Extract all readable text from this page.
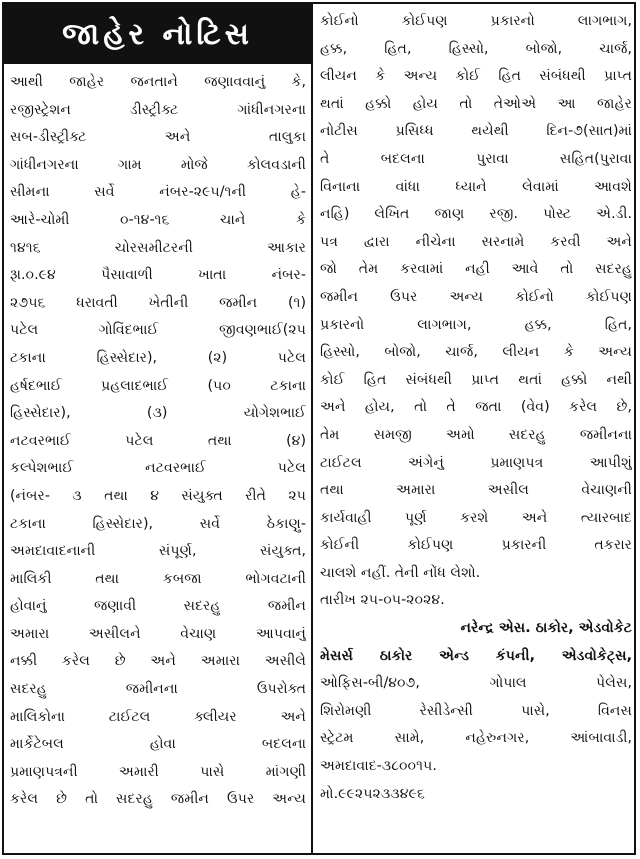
જાહેર નોટિસ
આથી જાહેર જનતાને જણાવવાનું કે,
રજીસ્ટ્રેશન ડીસ્ટ્રીક્ટ ગાંધીનગરના
સબ-ડીસ્ટ્રીક્ટ અને તાલુકા
ગાંધીનગરના ગામ મોજે કોલવડાની
સીમના સર્વે નંબર-૨૯૫/૧ની હે-
આરે-ચોમી ૦-૧૪-૧૬ ચાને કે
૧૪૧૬ ચોરસમીટરની આકાર
રૂા.૦.૯૪ પૈસાવાળી ખાતા નંબર-
૨૭૫૬ ધરાવતી ખેતીની જમીન (૧)
પટેલ ગોવિંદભાઈ જીવણભાઈ(૨૫
ટકાના હિસ્સેદાર), (૨) પટેલ
હર્ષદભાઈ પ્રહલાદભાઈ (૫૦ ટકાના
હિસ્સેદાર), (૩) યોગેશભાઈ
નટવરભાઈ પટેલ તથા (૪)
કલ્પેશભાઈ નટવરભાઈ પટેલ
(નંબર- ૩ તથા ૪ સંયુક્ત રીતે ૨૫
ટકાના હિસ્સેદાર), સર્વે ઠેકાણુ-
અમદાવાદનાની સંપૂર્ણ, સંયુક્ત,
માલિકી તથા કબજા ભોગવટાની
હોવાનું જણાવી સદરહુ જમીન
અમારા અસીલને વેચાણ આપવાનું
નક્કી કરેલ છે અને અમારા અસીલે
સદરહુ જમીનના ઉપરોક્ત
માલિકોના ટાઈટલ ક્લીયર અને
માર્કેટેબલ હોવા બદલના
પ્રમાણપત્રની અમારી પાસે માંગણી
કરેલ છે તો સદરહુ જમીન ઉપર અન્ય
કોઈનો કોઈપણ પ્રકારનો લાગભાગ,
હક્ક, હિત, હિસ્સો, બોજો, ચાર્જ,
લીયન કે અન્ય કોઈ હિત સંબંધથી પ્રાપ્ત
થતાં હક્કો હોય તો તેઓએ આ જાહેર
નોટીસ પ્રસિધ્ધ થયેથી દિન-૭(સાત)માં
તે બદલના પુરાવા સહિત(પુરાવા
વિનાના વાંધા ધ્યાને લેવામાં આવશે
નહિ) લેખિત જાણ રજી. પોસ્ટ એ.ડી.
પત્ર દ્વારા નીચેના સરનામે કરવી અને
જો તેમ કરવામાં નહી આવે તો સદરહુ
જમીન ઉપર અન્ય કોઈનો કોઈપણ
પ્રકારનો લાગભાગ, હક્ક, હિત,
હિસ્સો, બોજો, ચાર્જ, લીયન કે અન્ય
કોઈ હિત સંબંધથી પ્રાપ્ત થતાં હક્કો નથી
અને હોય, તો તે જતા (વેવ) કરેલ છે,
તેમ સમજી અમો સદરહુ જમીનના
ટાઈટલ અંગેનું પ્રમાણપત્ર આપીશું
તથા અમારા અસીલ વેચાણની
કાર્યવાહી પૂર્ણ કરશે અને ત્યારબાદ
કોઈની કોઈપણ પ્રકારની તકરાર
ચાલશે નહીં. તેની નોંધ લેશો.
તારીખ ૨૫-૦૫-૨૦૨૪.
નરેન્દ્ર એસ. ઠાકોર, એડવોકેટ
મેસર્સ ઠાકોર એન્ડ કંપની, એડવોકેટ્સ,
ઓફિસ-બી/૪૦૭, ગોપાલ પેલેસ,
શિરોમણી રેસીડેન્સી પાસે, વિનસ
સ્ટ્રેટમ સામે, નહેરુનગર, આંબાવાડી,
અમદાવાદ-૩૮૦૦૧૫.
મો.૯૯૨૫૨૩૩૪૯૬
